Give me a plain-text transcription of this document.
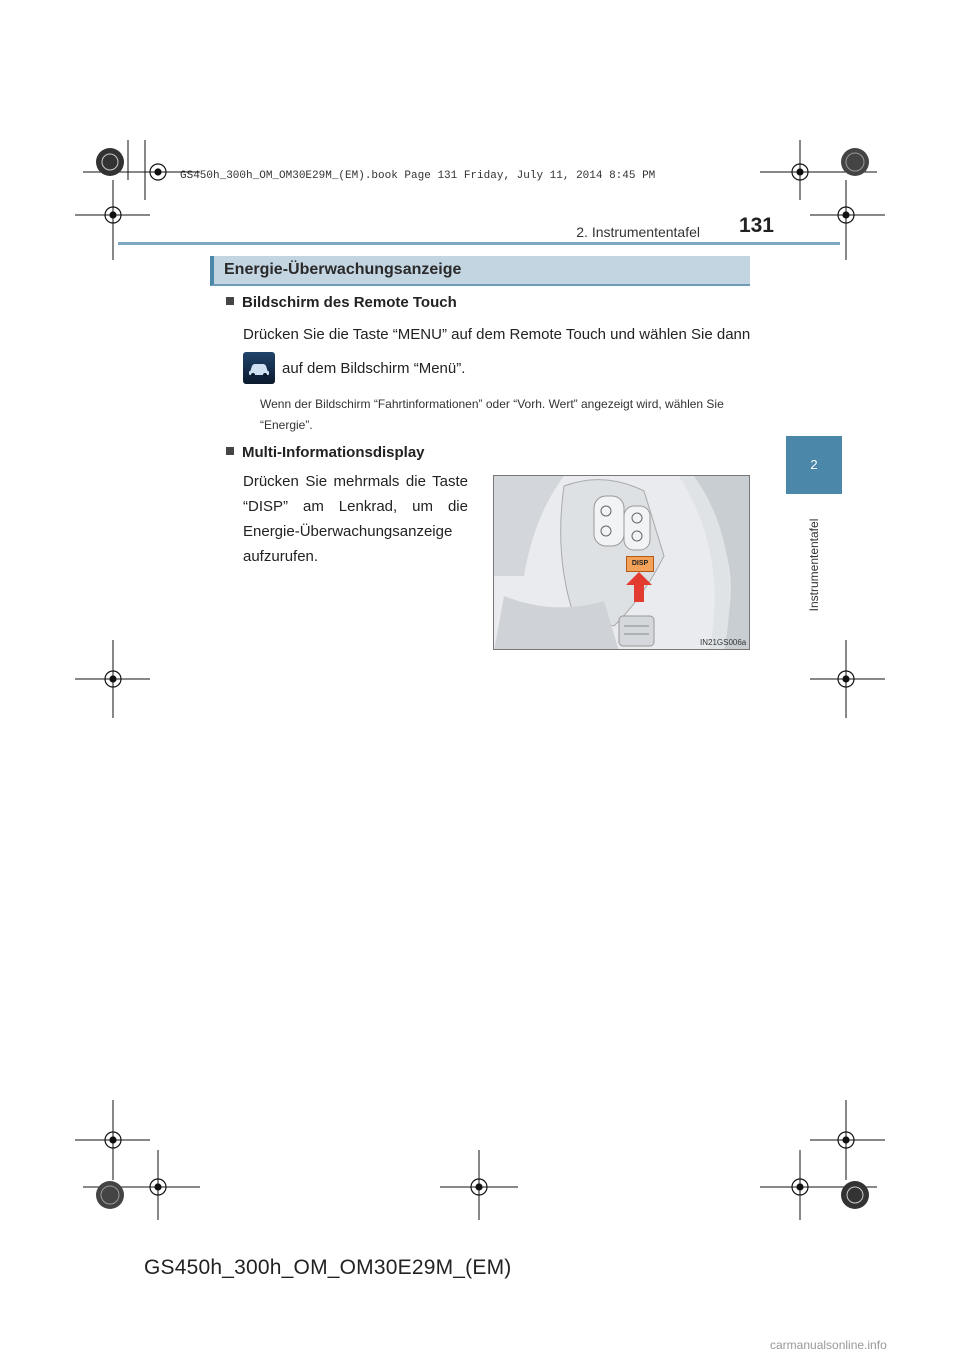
GS450h_300h_OM_OM30E29M_(EM).book Page 131 Friday, July 11, 2014 8:45 PM
2. Instrumententafel	131
2
Instrumententafel
Energie-Überwachungsanzeige
Bildschirm des Remote Touch
Drücken Sie die Taste “MENU” auf dem Remote Touch und wählen Sie dann
auf dem Bildschirm “Menü”.
Wenn der Bildschirm “Fahrtinformationen” oder “Vorh. Wert” angezeigt wird, wählen Sie “Energie”.
Multi-Informationsdisplay
Drücken Sie mehrmals die Taste “DISP” am Lenkrad, um die Energie-Überwachungsanzeige aufzurufen.	DISP
IN21GS006a
GS450h_300h_OM_OM30E29M_(EM)
carmanualsonline.info
